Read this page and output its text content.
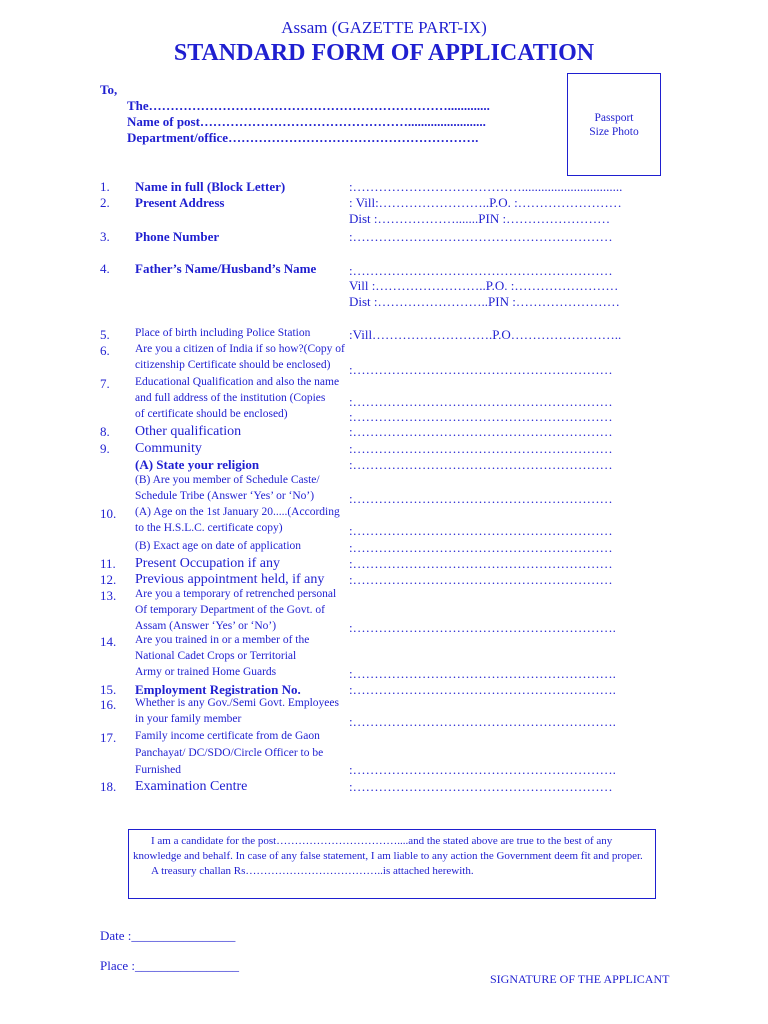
Assam (GAZETTE PART-IX)
STANDARD FORM OF APPLICATION
To,
The…………………………………………………………….............
Name of post…………………………………………........................
Department/office………………………………………………….
Passport
Size Photo
1. Name in full (Block Letter)	:…………………………………...............................
2. Present Address	: Vill:……………………..P.O. :……………………
Dist :……………….......PIN :……………………
3. Phone Number	:……………………………………………………
4. Father’s Name/Husband’s Name	:……………………………………………………
Vill :……………………..P.O. :……………………
Dist :……………………..PIN :……………………
5. Place of birth including Police Station	:Vill……………………….P.O……………………..
6. Are you a citizen of India if so how?(Copy of
citizenship Certificate should be enclosed) :……………………………………………………
7. Educational Qualification and also the name
and full address of the institution (Copies
of certificate should be enclosed)
:……………………………………………………
:……………………………………………………
8. Other qualification	:……………………………………………………
9. Community	:……………………………………………………
(A) State your religion	:……………………………………………………
(B) Are you member of Schedule Caste/
Schedule Tribe (Answer ‘Yes’ or ‘No’)	:……………………………………………………
10. (A) Age on the 1st January 20.....(According
to the H.S.L.C. certificate copy)	:……………………………………………………
(B) Exact age on date of application	:……………………………………………………
11. Present Occupation if any	:……………………………………………………
12. Previous appointment held, if any :……………………………………………………
13. Are you a temporary of retrenched personal
Of temporary Department of the Govt. of
Assam (Answer ‘Yes’ or ‘No’)	:…………………………………………………….
14. Are you trained in or a member of the
National Cadet Crops or Territorial
Army or trained Home Guards	:…………………………………………………….
15. Employment Registration No.	:…………………………………………………….
16. Whether is any Gov./Semi Govt. Employees
in your family member	:…………………………………………………….
17. Family income certificate from de Gaon
Panchayat/ DC/SDO/Circle Officer to be
Furnished	:…………………………………………………….
18. Examination Centre	:……………………………………………………
I am a candidate for the post……………………………....and the stated above are true to the best of any
knowledge and behalf. In case of any false statement, I am liable to any action the Government deem fit and proper.
A treasury challan Rs………………………………..is attached herewith.
Date :________________
Place :________________
SIGNATURE OF THE APPLICANT
